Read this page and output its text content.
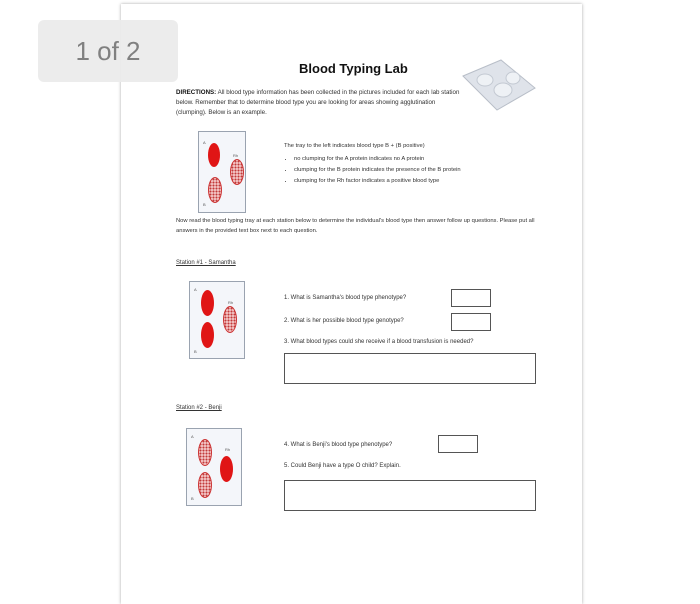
Blood Typing Lab
DIRECTIONS: All blood type information has been collected in the pictures included for each lab station below. Remember that to determine blood type you are looking for areas showing agglutination (clumping). Below is an example.
A
Rh
B
The tray to the left indicates blood type B + (B positive)
• no clumping for the A protein indicates no A protein
• clumping for the B protein indicates the presence of the B protein
• clumping for the Rh factor indicates a positive blood type
Now read the blood typing tray at each station below to determine the individual's blood type then answer follow up questions. Please put all answers in the provided text box next to each question.
Station #1 - Samantha
A
Rh
B
1. What is Samantha's blood type phenotype?
2. What is her possible blood type genotype?
3. What blood types could she receive if a blood transfusion is needed?
Station #2 - Benji
A
Rh
B
4. What is Benji's blood type phenotype?
5. Could Benji have a type O child? Explain.
1 of 2
